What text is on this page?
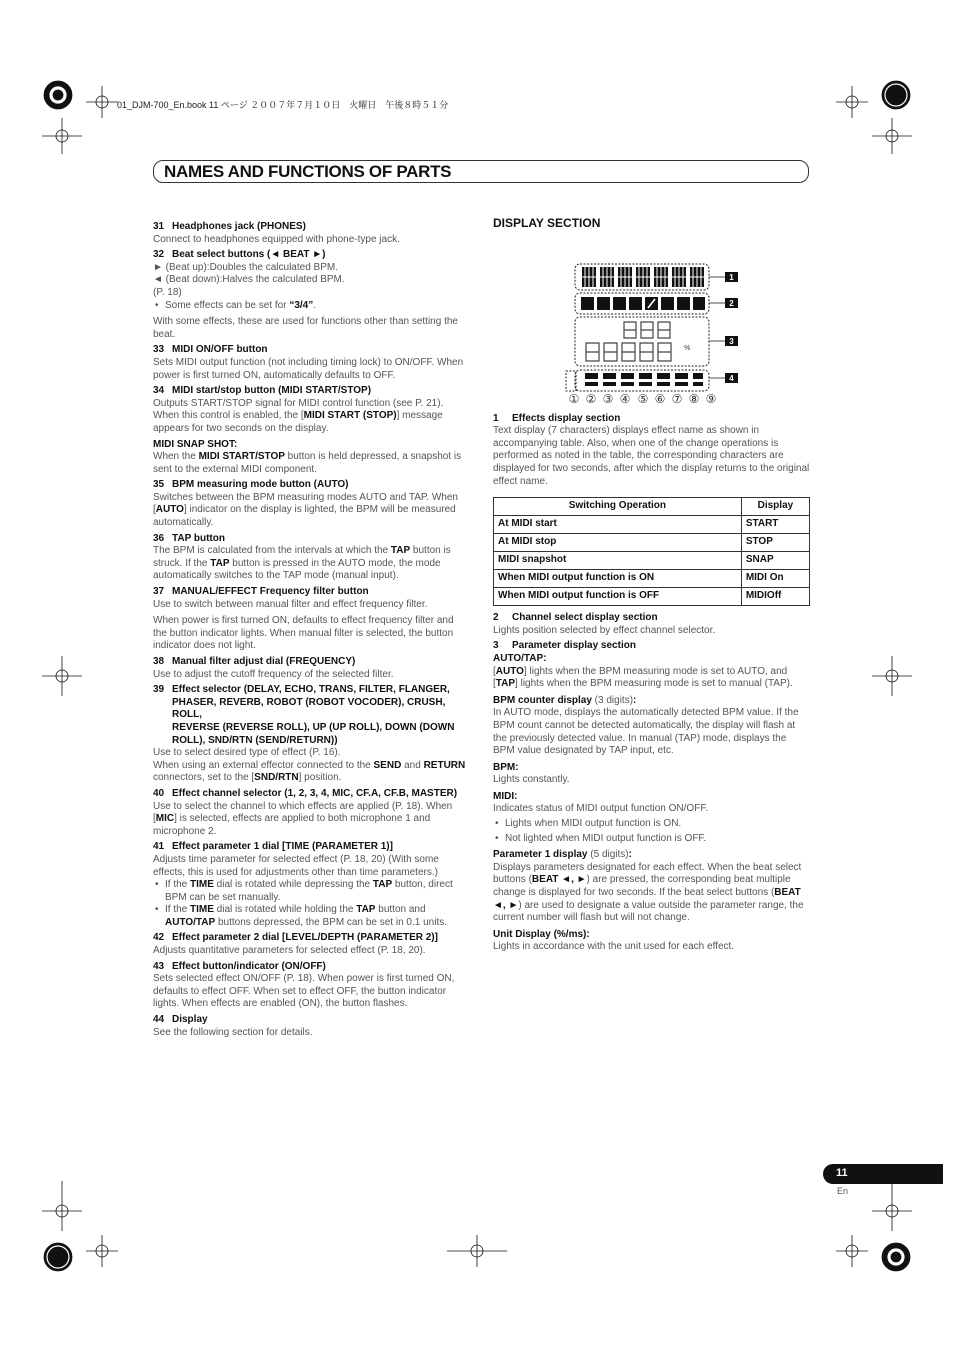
01_DJM-700_En.book 11 ページ ２００７年７月１０日　火曜日　午後８時５１分
NAMES AND FUNCTIONS OF PARTS
31 Headphones jack (PHONES)

Connect to headphones equipped with phone-type jack.

32 Beat select buttons (◄ BEAT ►)

► (Beat up):Doubles the calculated BPM.

◄ (Beat down):Halves the calculated BPM.

(P. 18)

• Some effects can be set for “3/4”.

With some effects, these are used for functions other than setting the beat.

33 MIDI ON/OFF button

Sets MIDI output function (not including timing lock) to ON/OFF. When power is first turned ON, automatically defaults to OFF.

34 MIDI start/stop button (MIDI START/STOP)

Outputs START/STOP signal for MIDI control function (see P. 21). When this control is enabled, the [MIDI START (STOP)] message appears for two seconds on the display.

MIDI SNAP SHOT:

When the MIDI START/STOP button is held depressed, a snapshot is sent to the external MIDI component.

35 BPM measuring mode button (AUTO)

Switches between the BPM measuring modes AUTO and TAP. When [AUTO] indicator on the display is lighted, the BPM will be measured automatically.

36 TAP button

The BPM is calculated from the intervals at which the TAP button is struck. If the TAP button is pressed in the AUTO mode, the mode automatically switches to the TAP mode (manual input).

37 MANUAL/EFFECT Frequency filter button

Use to switch between manual filter and effect frequency filter.

When power is first turned ON, defaults to effect frequency filter and the button indicator lights. When manual filter is selected, the button indicator does not light.

38 Manual filter adjust dial (FREQUENCY)

Use to adjust the cutoff frequency of the selected filter.

39 Effect selector (DELAY, ECHO, TRANS, FILTER, FLANGER,
PHASER, REVERB, ROBOT (ROBOT VOCODER), CRUSH, ROLL,
REVERSE (REVERSE ROLL), UP (UP ROLL), DOWN (DOWN
ROLL), SND/RTN (SEND/RETURN))

Use to select desired type of effect (P. 16).

When using an external effector connected to the SEND and RETURN connectors, set to the [SND/RTN] position.

40 Effect channel selector (1, 2, 3, 4, MIC, CF.A, CF.B, MASTER)

Use to select the channel to which effects are applied (P. 18). When [MIC] is selected, effects are applied to both microphone 1 and microphone 2.

41 Effect parameter 1 dial [TIME (PARAMETER 1)]

Adjusts time parameter for selected effect (P. 18, 20) (With some effects, this is used for adjustments other than time parameters.)

• If the TIME dial is rotated while depressing the TAP button, direct BPM can be set manually.

• If the TIME dial is rotated while holding the TAP button and AUTO/TAP buttons depressed, the BPM can be set in 0.1 units.

42 Effect parameter 2 dial [LEVEL/DEPTH (PARAMETER 2)]

Adjusts quantitative parameters for selected effect (P. 18, 20).

43 Effect button/indicator (ON/OFF)

Sets selected effect ON/OFF (P. 18). When power is first turned ON, defaults to effect OFF. When set to effect OFF, the button indicator lights. When effects are enabled (ON), the button flashes.

44 Display

See the following section for details.

DISPLAY SECTION
%
1
2
3
4
① ② ③ ④ ⑤ ⑥ ⑦ ⑧ ⑨
1 Effects display section

Text display (7 characters) displays effect name as shown in accompanying table. Also, when one of the change operations is performed as noted in the table, the corresponding characters are displayed for two seconds, after which the display returns to the original effect name.

Switching Operation	Display
At MIDI start	START
At MIDI stop	STOP
MIDI snapshot	SNAP
When MIDI output function is ON	MIDI On
When MIDI output function is OFF	MIDIOff
2 Channel select display section

Lights position selected by effect channel selector.

3 Parameter display section
AUTO/TAP:

[AUTO] lights when the BPM measuring mode is set to AUTO, and [TAP] lights when the BPM measuring mode is set to manual (TAP).

BPM counter display (3 digits):

In AUTO mode, displays the automatically detected BPM value. If the BPM count cannot be detected automatically, the display will flash at the previously detected value. In manual (TAP) mode, displays the BPM value designated by TAP input, etc.

BPM:

Lights constantly.

MIDI:

Indicates status of MIDI output function ON/OFF.

• Lights when MIDI output function is ON.

• Not lighted when MIDI output function is OFF.

Parameter 1 display (5 digits):

Displays parameters designated for each effect. When the beat select buttons (BEAT ◄, ►) are pressed, the corresponding beat multiple change is displayed for two seconds. If the beat select buttons (BEAT ◄, ►) are used to designate a value outside the parameter range, the current number will flash but will not change.

Unit Display (%/ms):

Lights in accordance with the unit used for each effect.

11
En
